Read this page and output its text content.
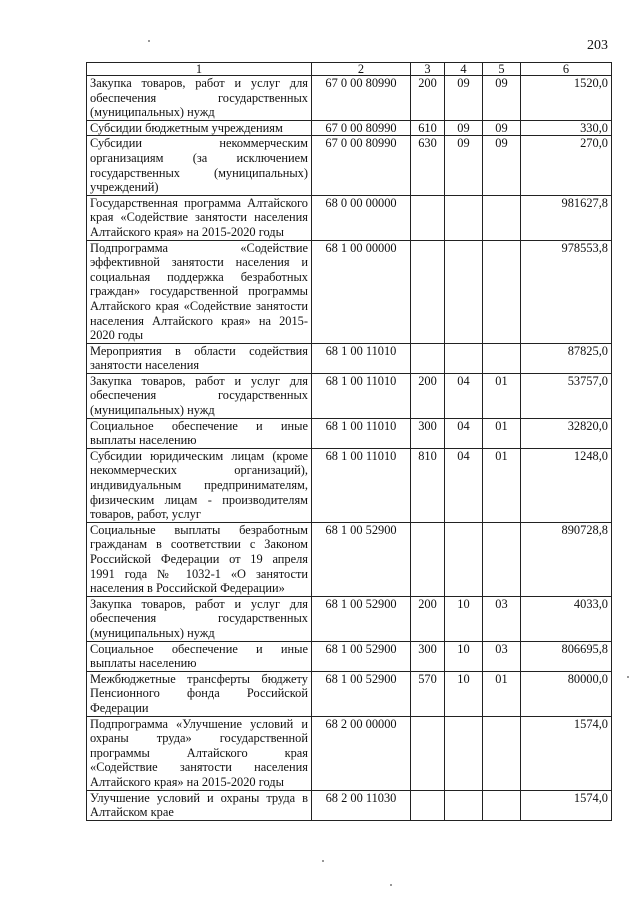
203
1	2	3	4	5	6
Закупка товаров, работ и услуг для обеспечения государственных (муниципальных) нужд	67 0 00 80990	200	09	09	1520,0
Субсидии бюджетным учреждениям	67 0 00 80990	610	09	09	330,0
Субсидии некоммерческим организациям (за исключением государственных (муниципальных) учреждений)	67 0 00 80990	630	09	09	270,0
Государственная программа Алтайского края «Содействие занятости населения Алтайского края» на 2015-2020 годы	68 0 00 00000				981627,8
Подпрограмма «Содействие эффективной занятости населения и социальная поддержка безработных граждан» государственной программы Алтайского края «Содействие занятости населения Алтайского края» на 2015-2020 годы	68 1 00 00000				978553,8
Мероприятия в области содействия занятости населения	68 1 00 11010				87825,0
Закупка товаров, работ и услуг для обеспечения государственных (муниципальных) нужд	68 1 00 11010	200	04	01	53757,0
Социальное обеспечение и иные выплаты населению	68 1 00 11010	300	04	01	32820,0
Субсидии юридическим лицам (кроме некоммерческих организаций), индивидуальным предпринимателям, физическим лицам - производителям товаров, работ, услуг	68 1 00 11010	810	04	01	1248,0
Социальные выплаты безработным гражданам в соответствии с Законом Российской Федерации от 19 апреля 1991 года № 1032-1 «О занятости населения в Российской Федерации»	68 1 00 52900				890728,8
Закупка товаров, работ и услуг для обеспечения государственных (муниципальных) нужд	68 1 00 52900	200	10	03	4033,0
Социальное обеспечение и иные выплаты населению	68 1 00 52900	300	10	03	806695,8
Межбюджетные трансферты бюджету Пенсионного фонда Российской Федерации	68 1 00 52900	570	10	01	80000,0
Подпрограмма «Улучшение условий и охраны труда» государственной программы Алтайского края «Содействие занятости населения Алтайского края» на 2015-2020 годы	68 2 00 00000				1574,0
Улучшение условий и охраны труда в Алтайском крае	68 2 00 11030				1574,0
